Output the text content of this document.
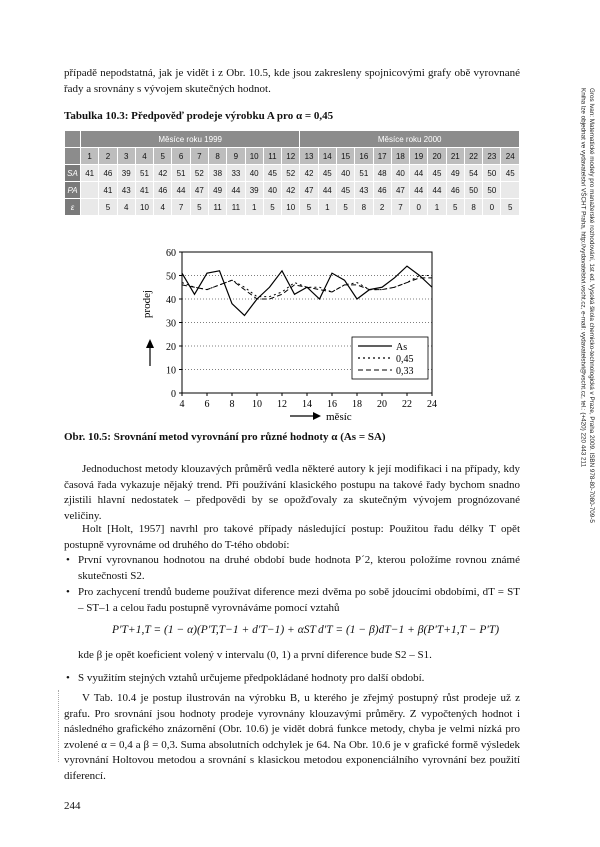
Gros Ivan: Matematické modely pro manažerské rozhodování, 1st ed. Vysoká škola chemicko-technologická v Praze, Praha 2009. ISBN 978-80-7080-709-5
Kniha lze objednat ve vydavatelství VŠCHT Praha, http://vydavatelstvi.vscht.cz, e-mail: vydavatelstvi@vscht.cz, tel.: (+420) 220 443 211

případě nepodstatná, jak je vidět i z Obr. 10.5, kde jsou zakresleny spojnicovými grafy obě vyrovnané řady a srovnány s vývojem skutečných hodnot.

Tabulka 10.3: Předpověď prodeje výrobku A pro α = 0,45

	Měsíce roku 1999												Měsíce roku 2000											
	1	2	3	4	5	6	7	8	9	10	11	12	13	14	15	16	17	18	19	20	21	22	23	24
SA	41	46	39	51	42	51	52	38	33	40	45	52	42	45	40	51	48	40	44	45	49	54	50	45
PA		41	43	41	46	44	47	49	44	39	40	42	47	44	45	43	46	47	44	44	46	50	50	
ε		5	4	10	4	7	5	11	11	1	5	10	5	1	5	8	2	7	0	1	5	8	0	5
0
10
20
30
40
50
60
4 6 8 10 12 14 16 18 20 22 24
prodej
měsíc
As
0,45
0,33

Obr. 10.5: Srovnání metod vyrovnání pro různé hodnoty α (As = SA)

Jednoduchost metody klouzavých průměrů vedla některé autory k její modifikaci i na případy, kdy časová řada vykazuje nějaký trend. Při používání klasického postupu na takové řady bychom snadno zjistili hlavní nedostatek – předpovědi by se opožďovaly za skutečným vývojem prognózované veličiny.

Holt [Holt, 1957] navrhl pro takové případy následující postup: Použitou řadu délky T opět postupně vyrovnáme od druhého do T-tého období:

• První vyrovnanou hodnotou na druhé období bude hodnota P´2, kterou položíme rovnou známé skutečnosti S2.

• Pro zachycení trendů budeme používat diference mezi dvěma po sobě jdoucími obdobími, dT = ST – ST–1 a celou řadu postupně vyrovnáváme pomocí vztahů

P′T+1,T = (1 − α)(P′T,T−1 + d′T−1) + αST d′T = (1 − β)dT−1 + β(P′T+1,T − P′T)

kde β je opět koeficient volený v intervalu (0, 1) a první diference bude S2 – S1.

• S využitím stejných vztahů určujeme předpokládané hodnoty pro další období.

V Tab. 10.4 je postup ilustrován na výrobku B, u kterého je zřejmý postupný růst prodeje už z grafu. Pro srovnání jsou hodnoty prodeje vyrovnány klouzavými průměry. Z vypočtených hodnot i následného grafického znázornění (Obr. 10.6) je vidět dobrá funkce metody, chyba je velmi nízká pro zvolené α = 0,4 a β = 0,3. Suma absolutních odchylek je 64. Na Obr. 10.6 je v grafické formě výsledek vyrovnání Holtovou metodou a srovnání s klasickou metodou exponenciálního vyrovnání bez použití diferencí.

244
